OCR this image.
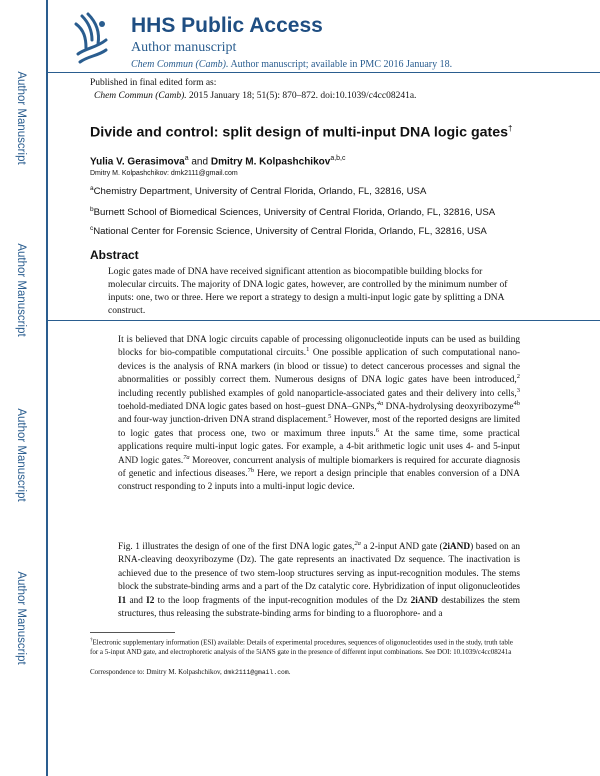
Author Manuscript
Author Manuscript
Author Manuscript
Author Manuscript
HHS Public Access
Author manuscript
Chem Commun (Camb). Author manuscript; available in PMC 2016 January 18.
Published in final edited form as:
Chem Commun (Camb). 2015 January 18; 51(5): 870–872. doi:10.1039/c4cc08241a.
Divide and control: split design of multi-input DNA logic gates†
Yulia V. Gerasimova$^a$ and Dmitry M. Kolpashchikov$^{a,b,c}$
Dmitry M. Kolpashchikov: dmk2111@gmail.com
$^a$Chemistry Department, University of Central Florida, Orlando, FL, 32816, USA
$^b$Burnett School of Biomedical Sciences, University of Central Florida, Orlando, FL, 32816, USA
$^c$National Center for Forensic Science, University of Central Florida, Orlando, FL, 32816, USA
Abstract
Logic gates made of DNA have received significant attention as biocompatible building blocks for molecular circuits. The majority of DNA logic gates, however, are controlled by the minimum number of inputs: one, two or three. Here we report a strategy to design a multi-input logic gate by splitting a DNA construct.
It is believed that DNA logic circuits capable of processing oligonucleotide inputs can be used as building blocks for bio-compatible computational circuits.$^1$ One possible application of such computational nano-devices is the analysis of RNA markers (in blood or tissue) to detect cancerous processes and signal the abnormalities or possibly correct them. Numerous designs of DNA logic gates have been introduced,$^2$ including recently published examples of gold nanoparticle-associated gates and their delivery into cells,$^3$ toehold-mediated DNA logic gates based on host–guest DNA–GNPs,$^{4a}$ DNA-hydrolysing deoxyribozyme$^{4b}$ and four-way junction-driven DNA strand displacement.$^5$ However, most of the reported designs are limited to logic gates that process one, two or maximum three inputs.$^6$ At the same time, some practical applications require multi-input logic gates. For example, a 4-bit arithmetic logic unit uses 4- and 5-input AND logic gates.$^{7a}$ Moreover, concurrent analysis of multiple biomarkers is required for accurate diagnosis of genetic and infectious diseases.$^{7b}$ Here, we report a design principle that enables conversion of a DNA construct responding to 2 inputs into a multi-input logic device.
Fig. 1 illustrates the design of one of the first DNA logic gates,$^{2a}$ a 2-input AND gate (2iAND) based on an RNA-cleaving deoxyribozyme (Dz). The gate represents an inactivated Dz sequence. The inactivation is achieved due to the presence of two stem-loop structures serving as input-recognition modules. The stems block the substrate-binding arms and a part of the Dz catalytic core. Hybridization of input oligonucleotides I1 and I2 to the loop fragments of the input-recognition modules of the Dz 2iAND destabilizes the stem structures, thus releasing the substrate-binding arms for binding to a fluorophore- and a
†Electronic supplementary information (ESI) available: Details of experimental procedures, sequences of oligonucleotides used in the study, truth table for a 5-input AND gate, and electrophoretic analysis of the 5iANS gate in the presence of different input combinations. See DOI: 10.1039/c4cc08241a
Correspondence to: Dmitry M. Kolpashchikov, dmk2111@gmail.com.
